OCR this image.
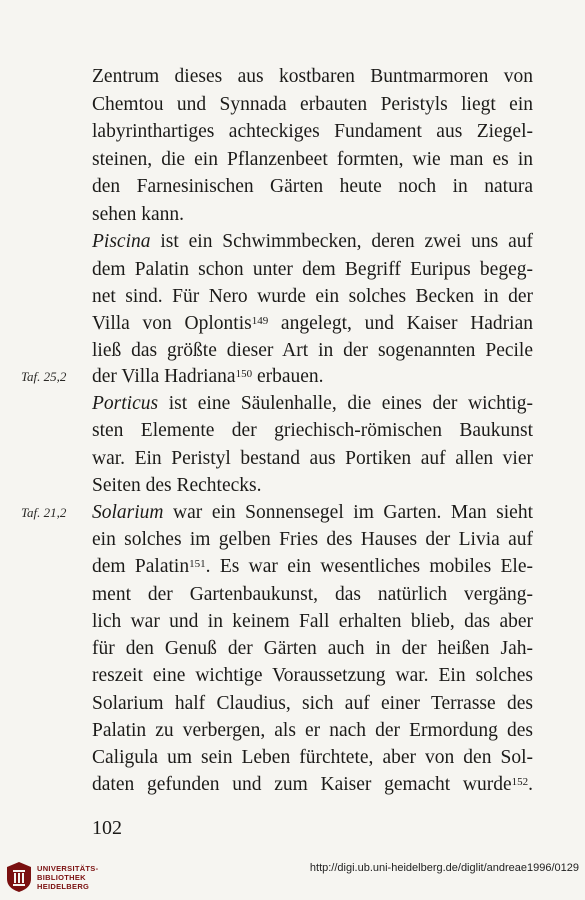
Zentrum dieses aus kostbaren Buntmarmoren von
Chemtou und Synnada erbauten Peristyls liegt ein
labyrinthartiges achteckiges Fundament aus Ziegel-
steinen, die ein Pflanzenbeet formten, wie man es in
den Farnesinischen Gärten heute noch in natura
sehen kann.
Piscina ist ein Schwimmbecken, deren zwei uns auf
dem Palatin schon unter dem Begriff Euripus begeg-
net sind. Für Nero wurde ein solches Becken in der
Villa von Oplontis$^{149}$ angelegt, und Kaiser Hadrian
ließ das größte dieser Art in der sogenannten Pecile
Taf. 25,2 der Villa Hadriana$^{150}$ erbauen.
Porticus ist eine Säulenhalle, die eines der wichtig-
sten Elemente der griechisch-römischen Baukunst
war. Ein Peristyl bestand aus Portiken auf allen vier
Seiten des Rechtecks.
Taf. 21,2 Solarium war ein Sonnensegel im Garten. Man sieht
ein solches im gelben Fries des Hauses der Livia auf
dem Palatin$^{151}$. Es war ein wesentliches mobiles Ele-
ment der Gartenbaukunst, das natürlich vergäng-
lich war und in keinem Fall erhalten blieb, das aber
für den Genuß der Gärten auch in der heißen Jah-
reszeit eine wichtige Voraussetzung war. Ein solches
Solarium half Claudius, sich auf einer Terrasse des
Palatin zu verbergen, als er nach der Ermordung des
Caligula um sein Leben fürchtete, aber von den Sol-
daten gefunden und zum Kaiser gemacht wurde$^{152}$.
102
UNIVERSITÄTS-
BIBLIOTHEK
HEIDELBERG
http://digi.ub.uni-heidelberg.de/diglit/andreae1996/0129
